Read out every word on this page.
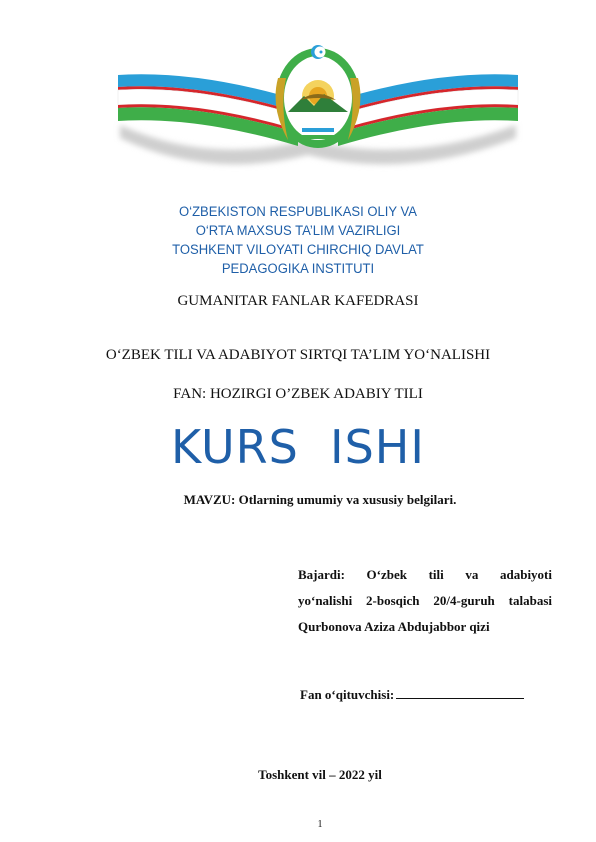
O‘ZBEKISTON RESPUBLIKASI OLIY VA
O‘RTA MAXSUS TA’LIM VAZIRLIGI
TOSHKENT VILOYATI CHIRCHIQ DAVLAT
PEDAGOGIKA INSTITUTI
GUMANITAR FANLAR KAFEDRASI
O‘ZBEK TILI VA ADABIYOT SIRTQI TA’LIM YO‘NALISHI
FAN: HOZIRGI O’ZBEK ADABIY TILI
KURS  ISHI
MAVZU: Otlarning umumiy va xususiy belgilari.
Bajardi:  O‘zbek  tili  va  adabiyoti
yo‘nalishi  2-bosqich  20/4-guruh  talabasi
Qurbonova Aziza Abdujabbor qizi
Fan o‘qituvchisi:
Toshkent vil – 2022 yil
1
